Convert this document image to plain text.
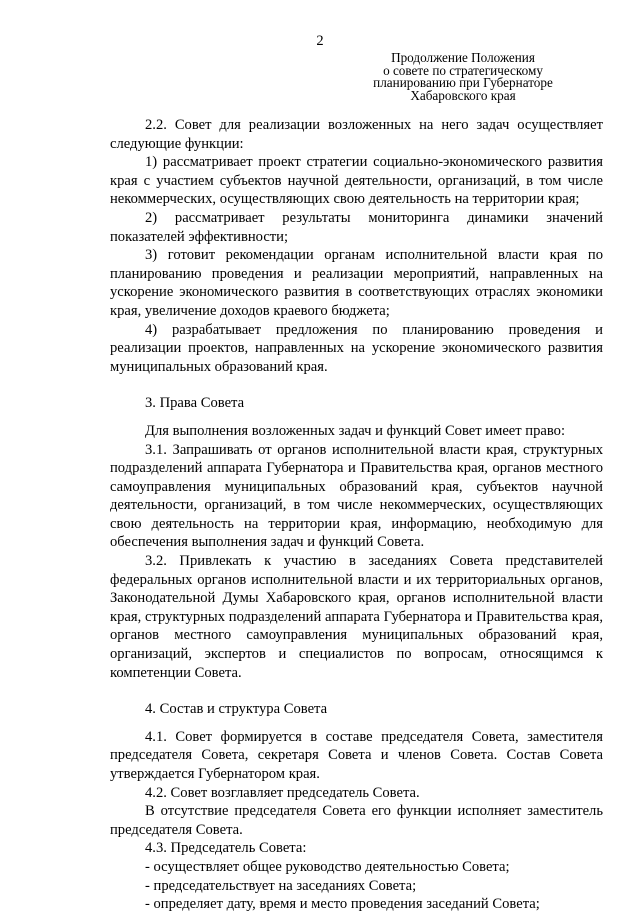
2
Продолжение Положения
о совете по стратегическому
планированию при Губернаторе
Хабаровского края

2.2. Совет для реализации возложенных на него задач осуществляет следующие функции:

1) рассматривает проект стратегии социально-экономического развития края с участием субъектов научной деятельности, организаций, в том числе некоммерческих, осуществляющих свою деятельность на территории края;

2) рассматривает результаты мониторинга динамики значений показателей эффективности;

3) готовит рекомендации органам исполнительной власти края по планированию проведения и реализации мероприятий, направленных на ускорение экономического развития в соответствующих отраслях экономики края, увеличение доходов краевого бюджета;

4) разрабатывает предложения по планированию проведения и реализации проектов, направленных на ускорение экономического развития муниципальных образований края.

3. Права Совета

Для выполнения возложенных задач и функций Совет имеет право:

3.1. Запрашивать от органов исполнительной власти края, структурных подразделений аппарата Губернатора и Правительства края, органов местного самоуправления муниципальных образований края, субъектов научной деятельности, организаций, в том числе некоммерческих, осуществляющих свою деятельность на территории края, информацию, необходимую для обеспечения выполнения задач и функций Совета.

3.2. Привлекать к участию в заседаниях Совета представителей федеральных органов исполнительной власти и их территориальных органов, Законодательной Думы Хабаровского края, органов исполнительной власти края, структурных подразделений аппарата Губернатора и Правительства края, органов местного самоуправления муниципальных образований края, организаций, экспертов и специалистов по вопросам, относящимся к компетенции Совета.

4. Состав и структура Совета

4.1. Совет формируется в составе председателя Совета, заместителя председателя Совета, секретаря Совета и членов Совета. Состав Совета утверждается Губернатором края.

4.2. Совет возглавляет председатель Совета.

В отсутствие председателя Совета его функции исполняет заместитель председателя Совета.

4.3. Председатель Совета:

- осуществляет общее руководство деятельностью Совета;

- председательствует на заседаниях Совета;

- определяет дату, время и место проведения заседаний Совета;
